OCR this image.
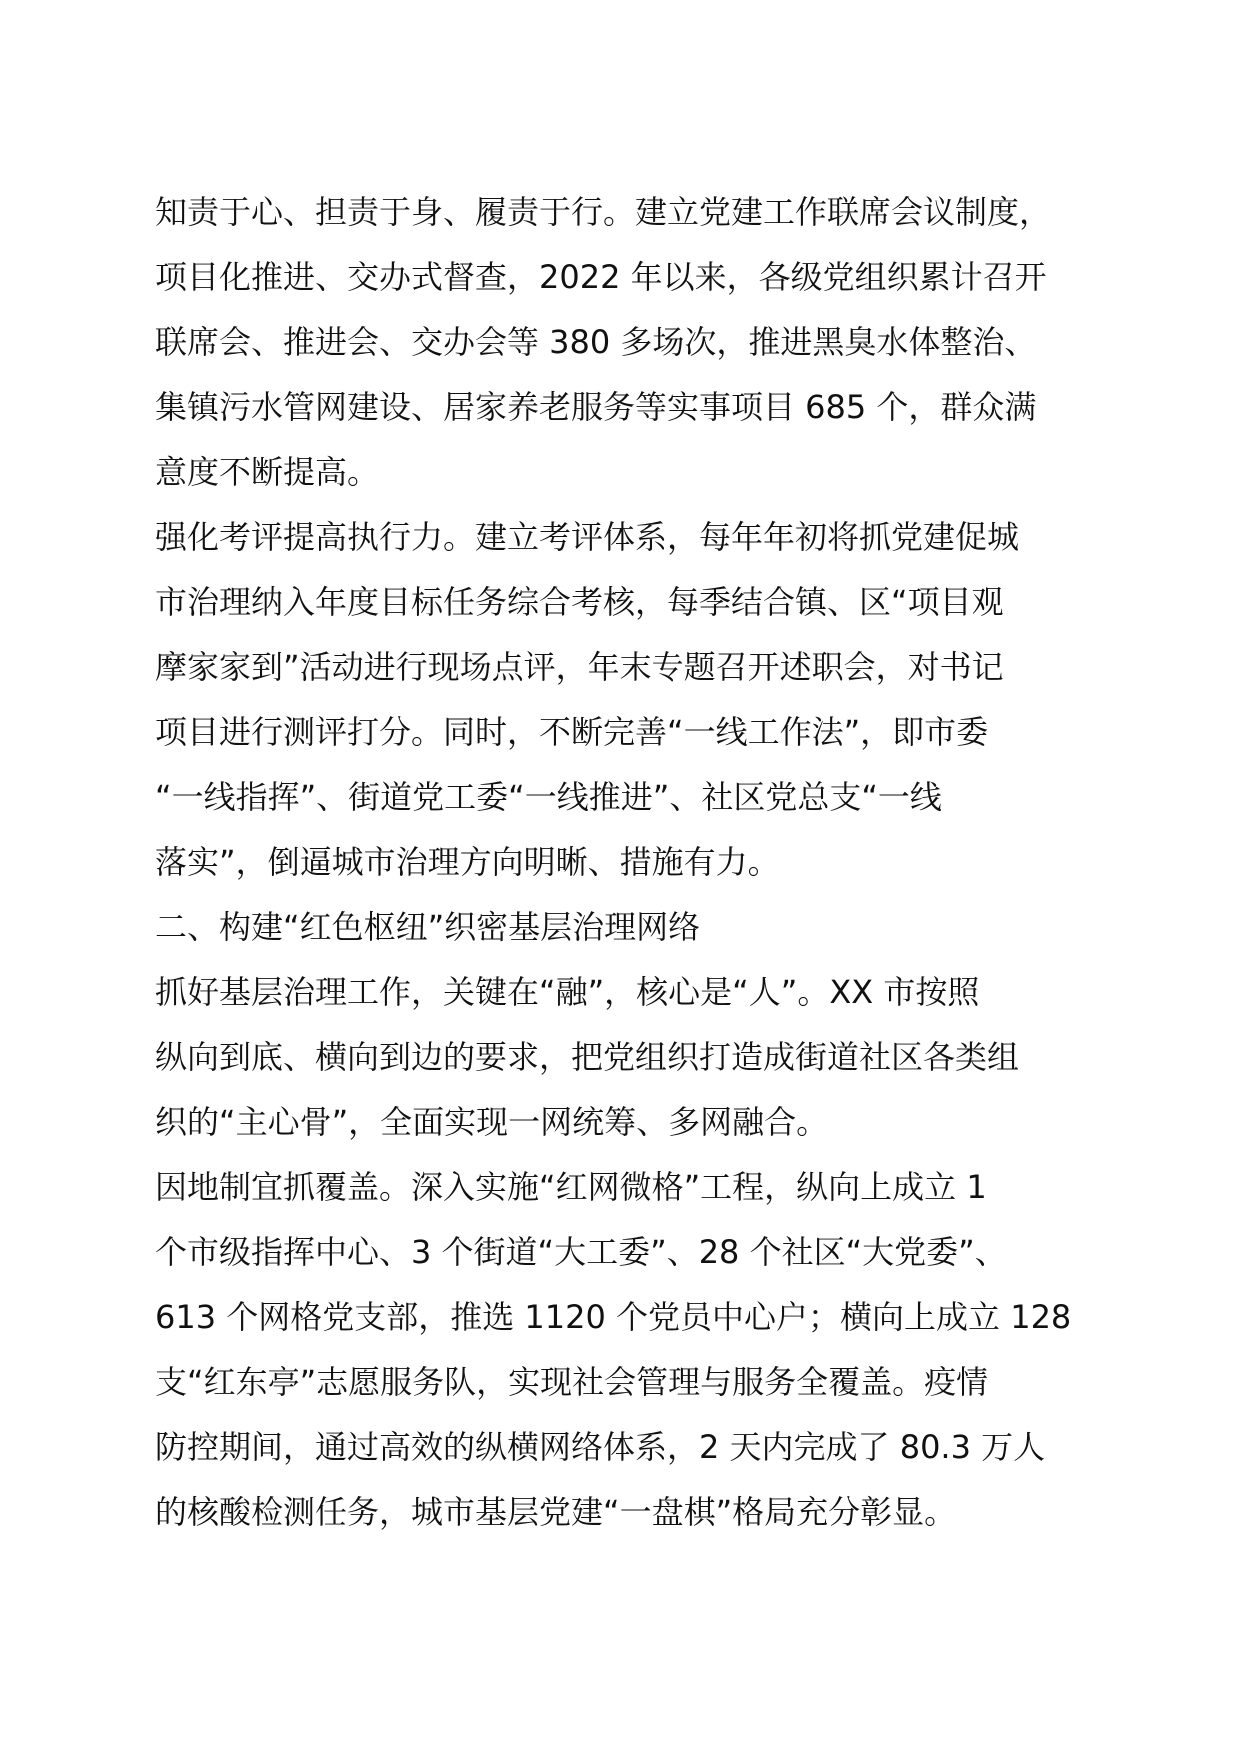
知责于心、担责于身、履责于行。建立党建工作联席会议制度，
项目化推进、交办式督查，2022 年以来，各级党组织累计召开
联席会、推进会、交办会等 380 多场次，推进黑臭水体整治、
集镇污水管网建设、居家养老服务等实事项目 685 个，群众满
意度不断提高。
强化考评提高执行力。建立考评体系，每年年初将抓党建促城
市治理纳入年度目标任务综合考核，每季结合镇、区“项目观
摩家家到”活动进行现场点评，年末专题召开述职会，对书记
项目进行测评打分。同时，不断完善“一线工作法”，即市委
“一线指挥”、街道党工委“一线推进”、社区党总支“一线
落实”，倒逼城市治理方向明晰、措施有力。
二、构建“红色枢纽”织密基层治理网络
抓好基层治理工作，关键在“融”，核心是“人”。XX 市按照
纵向到底、横向到边的要求，把党组织打造成街道社区各类组
织的“主心骨”，全面实现一网统筹、多网融合。
因地制宜抓覆盖。深入实施“红网微格”工程，纵向上成立 1
个市级指挥中心、3 个街道“大工委”、28 个社区“大党委”、
613 个网格党支部，推选 1120 个党员中心户；横向上成立 128
支“红东亭”志愿服务队，实现社会管理与服务全覆盖。疫情
防控期间，通过高效的纵横网络体系，2 天内完成了 80.3 万人
的核酸检测任务，城市基层党建“一盘棋”格局充分彰显。
